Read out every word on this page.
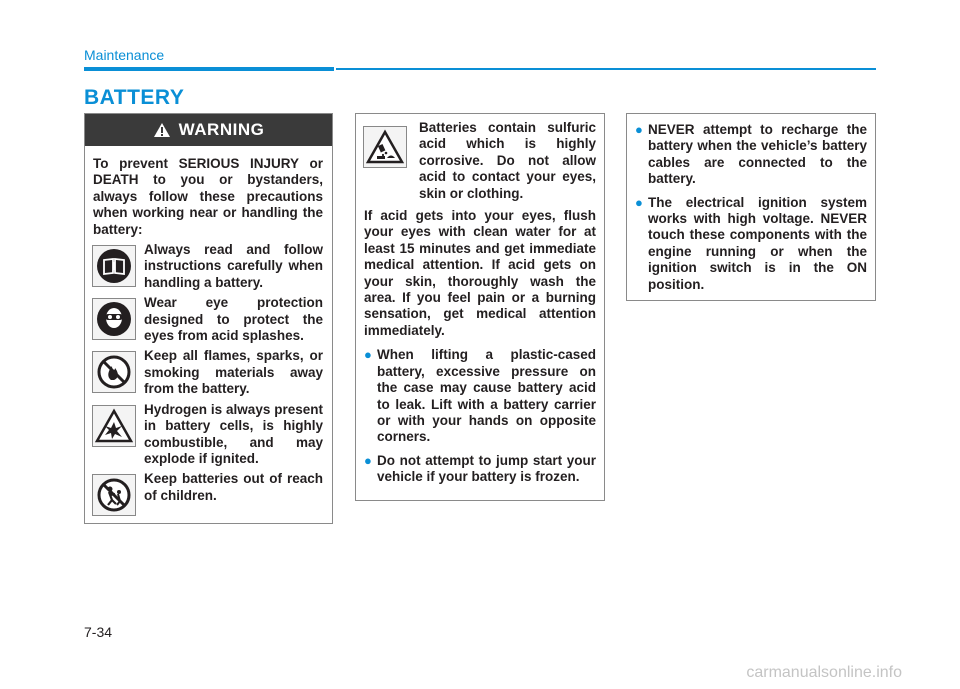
Maintenance
BATTERY
WARNING
To prevent SERIOUS INJURY or DEATH to you or bystanders, always follow these precautions when working near or handling the battery:
Always read and follow instructions carefully when handling a battery.
Wear eye protection designed to protect the eyes from acid splashes.
Keep all flames, sparks, or smoking materials away from the battery.
Hydrogen is always present in battery cells, is highly combustible, and may explode if ignited.
Keep batteries out of reach of children.
Batteries contain sulfuric acid which is highly corrosive. Do not allow acid to contact your eyes, skin or clothing.
If acid gets into your eyes, flush your eyes with clean water for at least 15 minutes and get immediate medical attention. If acid gets on your skin, thoroughly wash the area. If you feel pain or a burning sensation, get medical attention immediately.
● When lifting a plastic-cased battery, excessive pressure on the case may cause battery acid to leak. Lift with a battery carrier or with your hands on opposite corners.
● Do not attempt to jump start your vehicle if your battery is frozen.
● NEVER attempt to recharge the battery when the vehicle’s battery cables are connected to the battery.
● The electrical ignition system works with high voltage. NEVER touch these components with the engine running or when the ignition switch is in the ON position.
7-34
carmanualsonline.info
